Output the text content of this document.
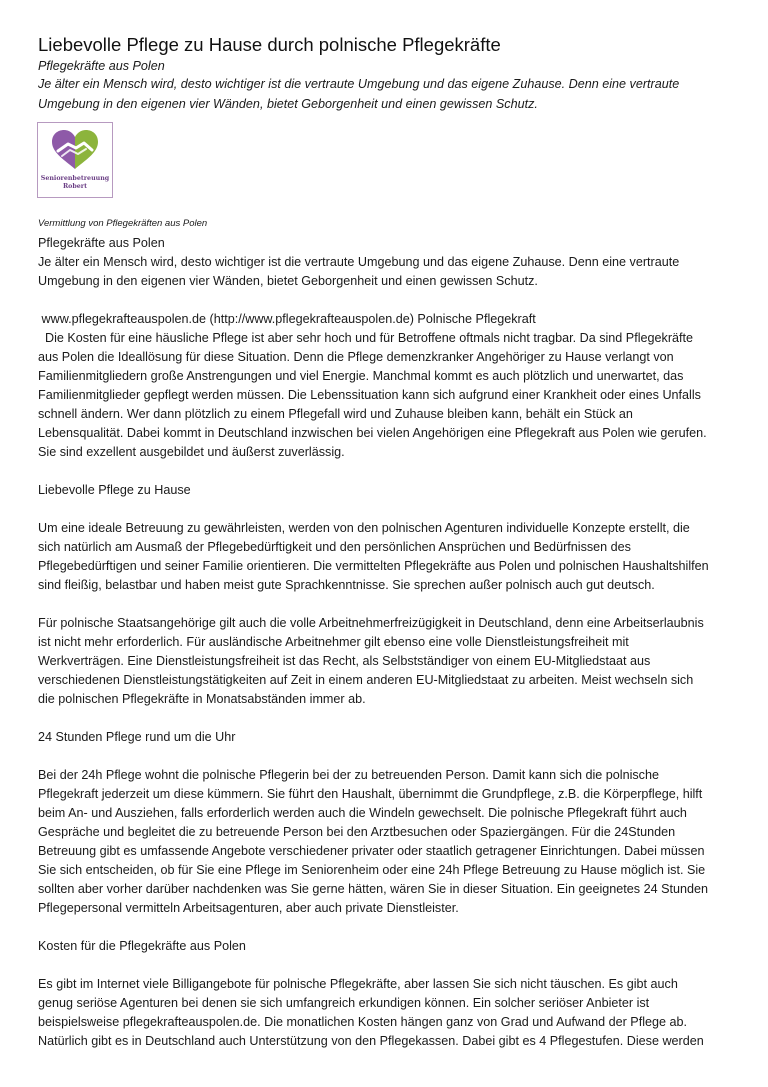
Liebevolle Pflege zu Hause durch polnische Pflegekräfte

Pflegekräfte aus Polen

Je älter ein Mensch wird, desto wichtiger ist die vertraute Umgebung und das eigene Zuhause. Denn eine vertraute

Umgebung in den eigenen vier Wänden, bietet Geborgenheit und einen gewissen Schutz.

Seniorenbetreuung
Robert

Vermittlung von Pflegekräften aus Polen

Pflegekräfte aus Polen

Je älter ein Mensch wird, desto wichtiger ist die vertraute Umgebung und das eigene Zuhause. Denn eine vertraute

Umgebung in den eigenen vier Wänden, bietet Geborgenheit und einen gewissen Schutz.

www.pflegekrafteauspolen.de (http://www.pflegekrafteauspolen.de) Polnische Pflegekraft

Die Kosten für eine häusliche Pflege ist aber sehr hoch und für Betroffene oftmals nicht tragbar. Da sind Pflegekräfte

aus Polen die Ideallösung für diese Situation. Denn die Pflege demenzkranker Angehöriger zu Hause verlangt von

Familienmitgliedern große Anstrengungen und viel Energie. Manchmal kommt es auch plötzlich und unerwartet, das

Familienmitglieder gepflegt werden müssen. Die Lebenssituation kann sich aufgrund einer Krankheit oder eines Unfalls

schnell ändern. Wer dann plötzlich zu einem Pflegefall wird und Zuhause bleiben kann, behält ein Stück an

Lebensqualität. Dabei kommt in Deutschland inzwischen bei vielen Angehörigen eine Pflegekraft aus Polen wie gerufen.

Sie sind exzellent ausgebildet und äußerst zuverlässig.

Liebevolle Pflege zu Hause

Um eine ideale Betreuung zu gewährleisten, werden von den polnischen Agenturen individuelle Konzepte erstellt, die

sich natürlich am Ausmaß der Pflegebedürftigkeit und den persönlichen Ansprüchen und Bedürfnissen des

Pflegebedürftigen und seiner Familie orientieren. Die vermittelten Pflegekräfte aus Polen und polnischen Haushaltshilfen

sind fleißig, belastbar und haben meist gute Sprachkenntnisse. Sie sprechen außer polnisch auch gut deutsch.

Für polnische Staatsangehörige gilt auch die volle Arbeitnehmerfreizügigkeit in Deutschland, denn eine Arbeitserlaubnis

ist nicht mehr erforderlich. Für ausländische Arbeitnehmer gilt ebenso eine volle Dienstleistungsfreiheit mit

Werkverträgen. Eine Dienstleistungsfreiheit ist das Recht, als Selbstständiger von einem EU-Mitgliedstaat aus

verschiedenen Dienstleistungstätigkeiten auf Zeit in einem anderen EU-Mitgliedstaat zu arbeiten. Meist wechseln sich

die polnischen Pflegekräfte in Monatsabständen immer ab.

24 Stunden Pflege rund um die Uhr

Bei der 24h Pflege wohnt die polnische Pflegerin bei der zu betreuenden Person. Damit kann sich die polnische

Pflegekraft jederzeit um diese kümmern. Sie führt den Haushalt, übernimmt die Grundpflege, z.B. die Körperpflege, hilft

beim An- und Ausziehen, falls erforderlich werden auch die Windeln gewechselt. Die polnische Pflegekraft führt auch

Gespräche und begleitet die zu betreuende Person bei den Arztbesuchen oder Spaziergängen. Für die 24Stunden

Betreuung gibt es umfassende Angebote verschiedener privater oder staatlich getragener Einrichtungen. Dabei müssen

Sie sich entscheiden, ob für Sie eine Pflege im Seniorenheim oder eine 24h Pflege Betreuung zu Hause möglich ist. Sie

sollten aber vorher darüber nachdenken was Sie gerne hätten, wären Sie in dieser Situation. Ein geeignetes 24 Stunden

Pflegepersonal vermitteln Arbeitsagenturen, aber auch private Dienstleister.

Kosten für die Pflegekräfte aus Polen

Es gibt im Internet viele Billigangebote für polnische Pflegekräfte, aber lassen Sie sich nicht täuschen. Es gibt auch

genug seriöse Agenturen bei denen sie sich umfangreich erkundigen können. Ein solcher seriöser Anbieter ist

beispielsweise pflegekrafteauspolen.de. Die monatlichen Kosten hängen ganz von Grad und Aufwand der Pflege ab.

Natürlich gibt es in Deutschland auch Unterstützung von den Pflegekassen. Dabei gibt es 4 Pflegestufen. Diese werden
